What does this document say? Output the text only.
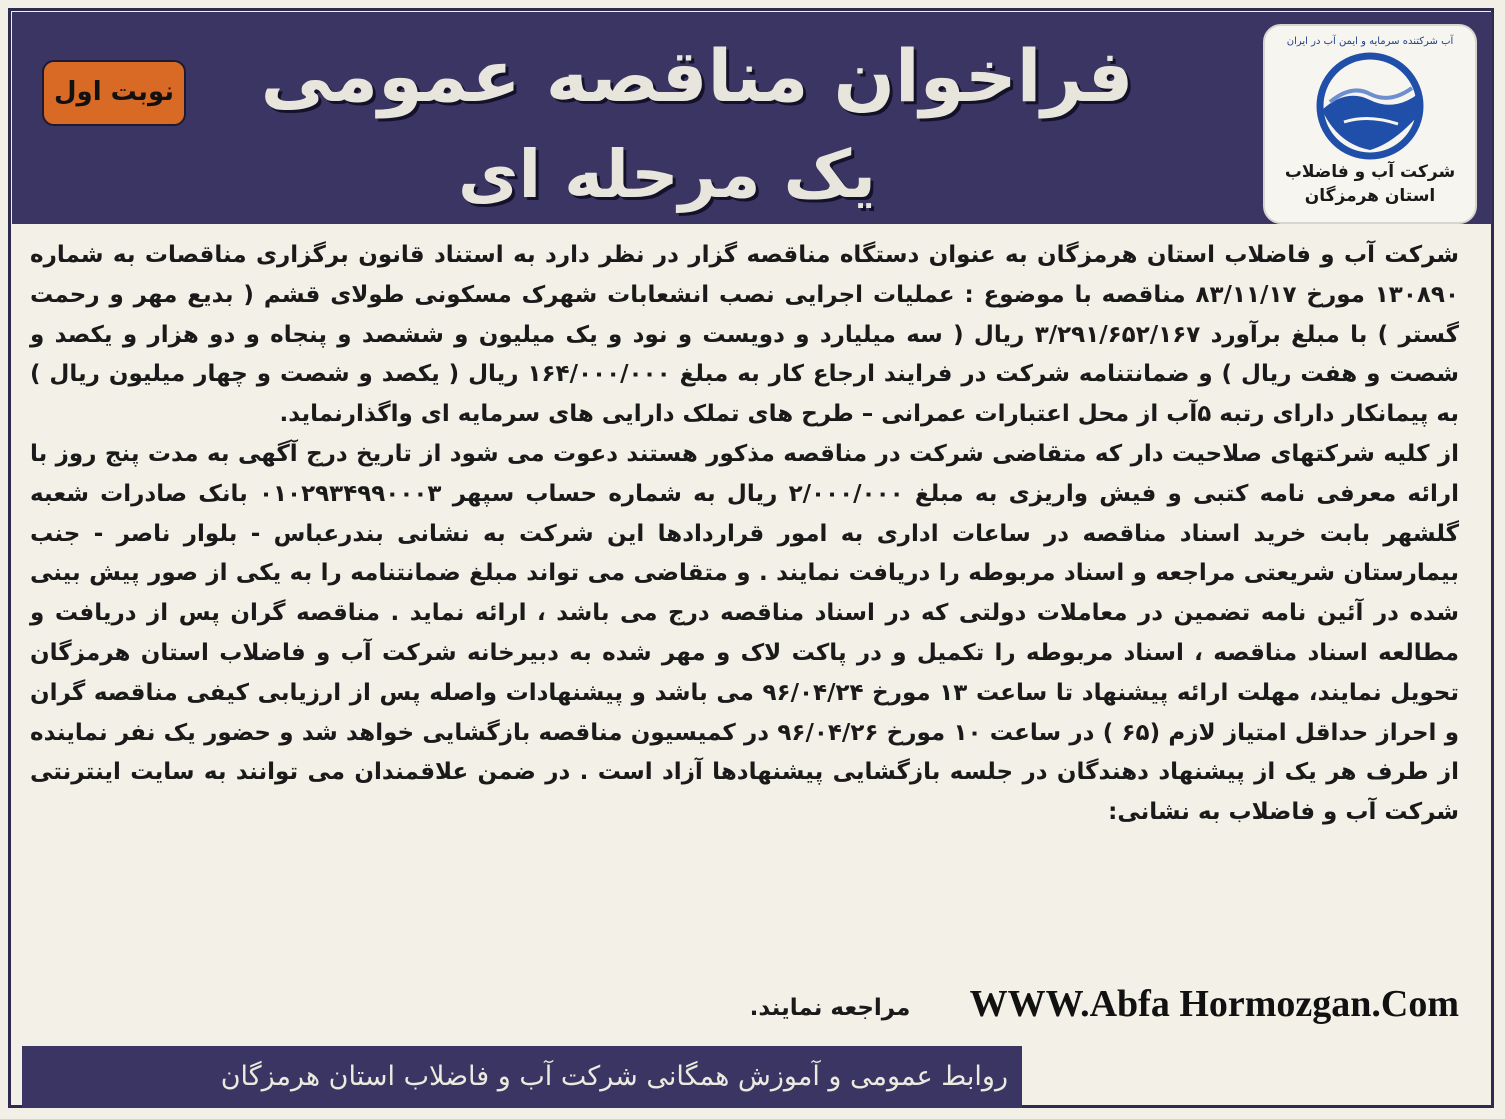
فراخوان مناقصه عمومی
یک مرحله ای
نوبت اول
آب شرکتنده سرمایه و ایمن آب در ایران
شرکت آب و فاضلاب
استان هرمزگان

شرکت آب و فاضلاب استان هرمزگان به عنوان دستگاه مناقصه گزار در نظر دارد به استناد قانون برگزاری مناقصات به شماره ۱۳۰۸۹۰ مورخ ۸۳/۱۱/۱۷ مناقصه با موضوع : عملیات اجرایی نصب انشعابات شهرک مسکونی طولای قشم ( بدیع مهر و رحمت گستر ) با مبلغ برآورد ۳/۲۹۱/۶۵۲/۱۶۷ ریال ( سه میلیارد و دویست و نود و یک میلیون و ششصد و پنجاه و دو هزار و یکصد و شصت و هفت ریال ) و ضمانتنامه شرکت در فرایند ارجاع کار به مبلغ ۱۶۴/۰۰۰/۰۰۰ ریال ( یکصد و شصت و چهار میلیون ریال ) به پیمانکار دارای رتبه ۵آب از محل اعتبارات عمرانی – طرح های تملک دارایی های سرمایه ای واگذارنماید.

از کلیه شرکتهای صلاحیت دار که متقاضی شرکت در مناقصه مذکور هستند دعوت می شود از تاریخ درج آگهی به مدت پنج روز با ارائه معرفی نامه کتبی و فیش واریزی به مبلغ ۲/۰۰۰/۰۰۰ ریال به شماره حساب سپهر ۰۱۰۲۹۳۴۹۹۰۰۰۳ بانک صادرات شعبه گلشهر بابت خرید اسناد مناقصه در ساعات اداری به امور قراردادها این شرکت به نشانی بندرعباس - بلوار ناصر - جنب بیمارستان شریعتی مراجعه و اسناد مربوطه را دریافت نمایند . و متقاضی می تواند مبلغ ضمانتنامه را به یکی از صور پیش بینی شده در آئین نامه تضمین در معاملات دولتی که در اسناد مناقصه درج می باشد ، ارائه نماید . مناقصه گران پس از دریافت و مطالعه اسناد مناقصه ، اسناد مربوطه را تکمیل و در پاکت لاک و مهر شده به دبیرخانه شرکت آب و فاضلاب استان هرمزگان تحویل نمایند، مهلت ارائه پیشنهاد تا ساعت ۱۳ مورخ ۹۶/۰۴/۲۴ می باشد و پیشنهادات واصله پس از ارزیابی کیفی مناقصه گران و احراز حداقل امتیاز لازم (۶۵ ) در ساعت ۱۰ مورخ ۹۶/۰۴/۲۶ در کمیسیون مناقصه بازگشایی خواهد شد و حضور یک نفر نماینده از طرف هر یک از پیشنهاد دهندگان در جلسه بازگشایی پیشنهادها آزاد است . در ضمن علاقمندان می توانند به سایت اینترنتی شرکت آب و فاضلاب به نشانی:

WWW.Abfa Hormozgan.Com
مراجعه نمایند.
روابط عمومی و آموزش همگانی شرکت آب و فاضلاب استان هرمزگان
